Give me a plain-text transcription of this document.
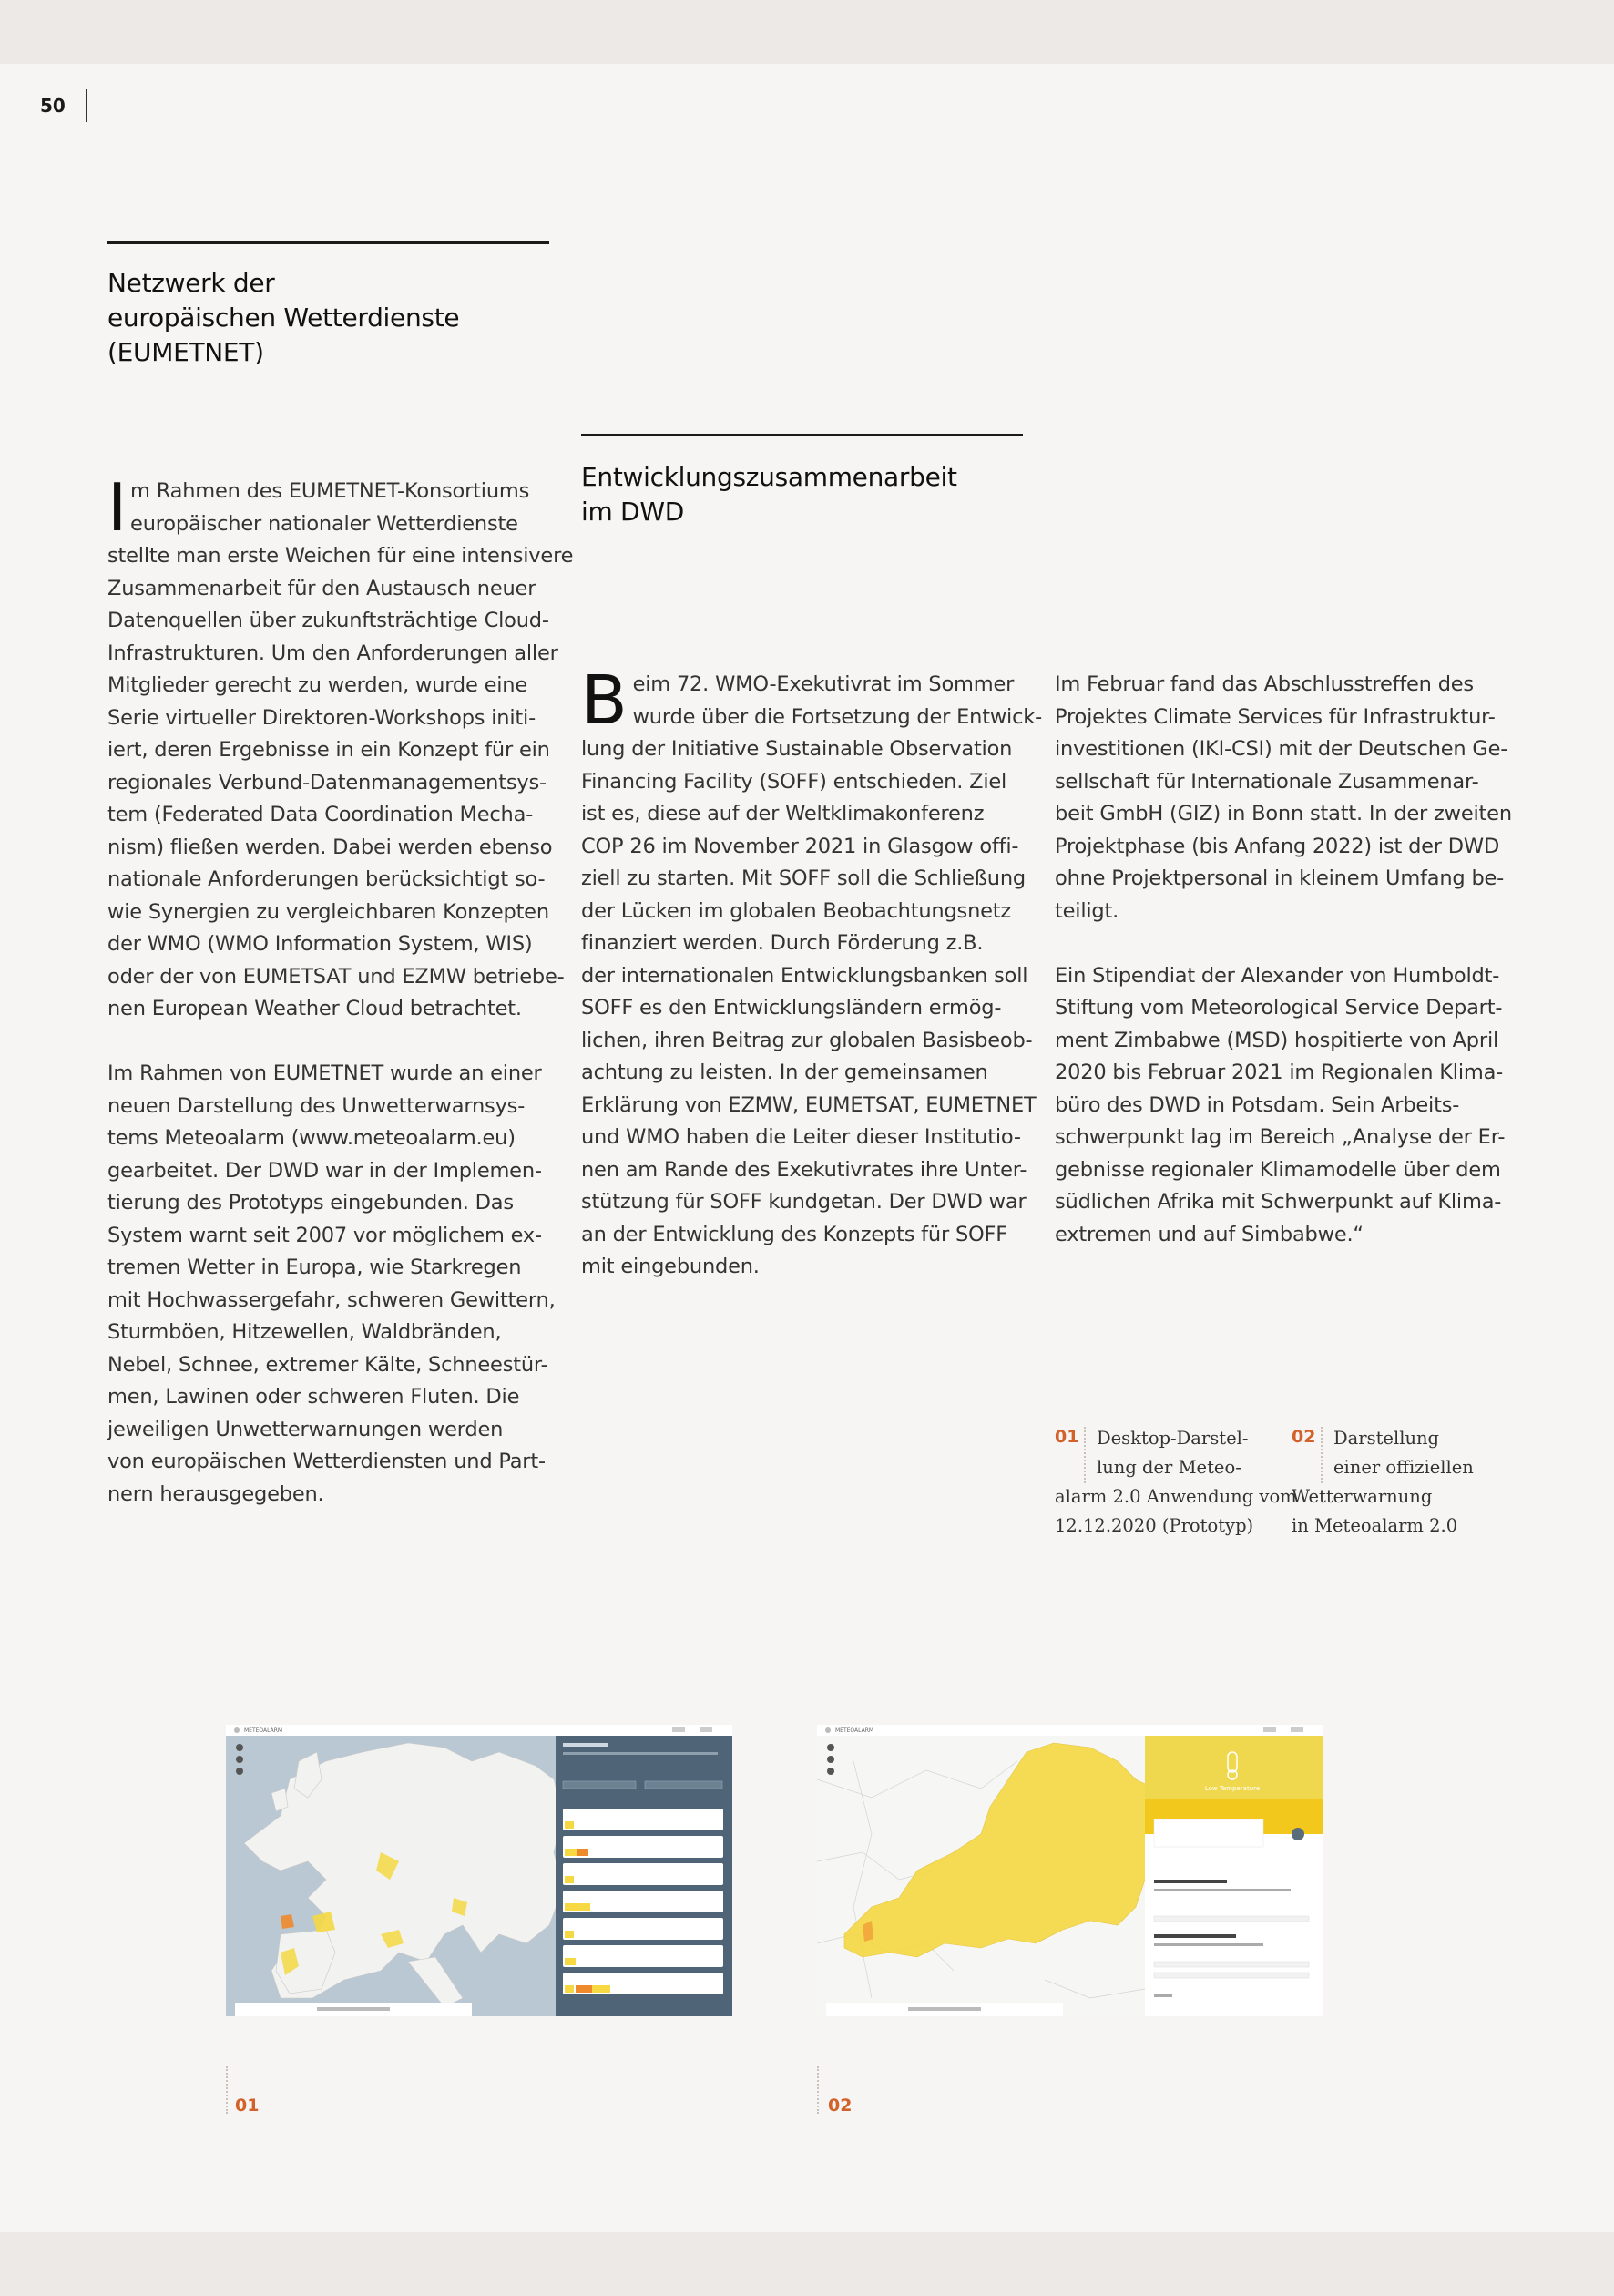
50
Netzwerk der
europäischen Wetterdienste
(EUMETNET)
I m Rahmen des EUMETNET-Konsortiums
europäischer nationaler Wetterdienste
stellte man erste Weichen für eine intensivere
Zusammenarbeit für den Austausch neuer
Datenquellen über zukunftsträchtige Cloud-
Infrastrukturen. Um den Anforderungen aller
Mitglieder gerecht zu werden, wurde eine
Serie virtueller Direktoren-Workshops initi-
iert, deren Ergebnisse in ein Konzept für ein
regionales Verbund-Datenmanagementsys-
tem (Federated Data Coordination Mecha-
nism) fließen werden. Dabei werden ebenso
nationale Anforderungen berücksichtigt so-
wie Synergien zu vergleichbaren Konzepten
der WMO (WMO Information System, WIS)
oder der von EUMETSAT und EZMW betriebe-
nen European Weather Cloud betrachtet.
Im Rahmen von EUMETNET wurde an einer
neuen Darstellung des Unwetterwarnsys-
tems Meteoalarm (www.meteoalarm.eu)
gearbeitet. Der DWD war in der Implemen-
tierung des Prototyps eingebunden. Das
System warnt seit 2007 vor möglichem ex-
tremen Wetter in Europa, wie Starkregen
mit Hochwassergefahr, schweren Gewittern,
Sturmböen, Hitzewellen, Waldbränden,
Nebel, Schnee, extremer Kälte, Schneestür-
men, Lawinen oder schweren Fluten. Die
jeweiligen Unwetterwarnungen werden
von europäischen Wetterdiensten und Part-
nern herausgegeben.
Entwicklungszusammenarbeit
im DWD
B eim 72. WMO-Exekutivrat im Sommer
wurde über die Fortsetzung der Entwick-
lung der Initiative Sustainable Observation
Financing Facility (SOFF) entschieden. Ziel
ist es, diese auf der Weltklimakonferenz
COP 26 im November 2021 in Glasgow offi-
ziell zu starten. Mit SOFF soll die Schließung
der Lücken im globalen Beobachtungsnetz
finanziert werden. Durch Förderung z.B.
der internationalen Entwicklungsbanken soll
SOFF es den Entwicklungsländern ermög-
lichen, ihren Beitrag zur globalen Basisbeob-
achtung zu leisten. In der gemeinsamen
Erklärung von EZMW, EUMETSAT, EUMETNET
und WMO haben die Leiter dieser Institutio-
nen am Rande des Exekutivrates ihre Unter-
stützung für SOFF kundgetan. Der DWD war
an der Entwicklung des Konzepts für SOFF
mit eingebunden.
Im Februar fand das Abschlusstreffen des
Projektes Climate Services für Infrastruktur-
investitionen (IKI-CSI) mit der Deutschen Ge-
sellschaft für Internationale Zusammenar-
beit GmbH (GIZ) in Bonn statt. In der zweiten
Projektphase (bis Anfang 2022) ist der DWD
ohne Projektpersonal in kleinem Umfang be-
teiligt.
Ein Stipendiat der Alexander von Humboldt-
Stiftung vom Meteorological Service Depart-
ment Zimbabwe (MSD) hospitierte von April
2020 bis Februar 2021 im Regionalen Klima-
büro des DWD in Potsdam. Sein Arbeits-
schwerpunkt lag im Bereich „Analyse der Er-
gebnisse regionaler Klimamodelle über dem
südlichen Afrika mit Schwerpunkt auf Klima-
extremen und auf Simbabwe.“
01	Desktop-Darstel-
lung der Meteo-
alarm 2.0 Anwendung vom
12.12.2020 (Prototyp)
02	Darstellung
einer offiziellen
Wetterwarnung
in Meteoalarm 2.0
METEOALARM
01
METEOALARM
Low Temperature
02
